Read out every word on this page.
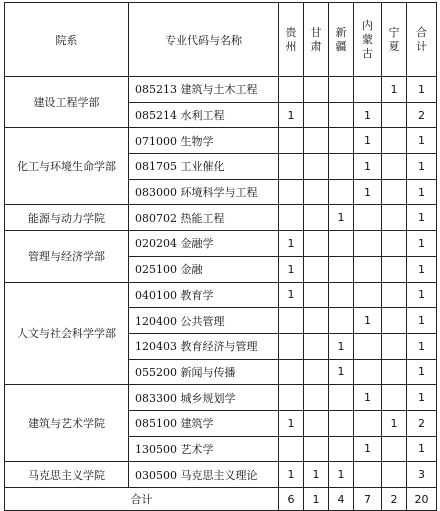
院系	专业代码与名称	贵州	甘肃	新疆	内蒙古	宁夏	合计
建设工程学部	085213 建筑与土木工程					1	1
	085214 水利工程	1			1		2
化工与环境生命学部	071000 生物学				1		1
	081705 工业催化				1		1
	083000 环境科学与工程				1		1
能源与动力学院	080702 热能工程			1			1
管理与经济学部	020204 金融学	1					1
	025100 金融	1					1
人文与社会科学学部	040100 教育学	1					1
	120400 公共管理				1		1
	120403 教育经济与管理			1			1
	055200 新闻与传播			1			1
建筑与艺术学院	083300 城乡规划学				1		1
	085100 建筑学	1				1	2
	130500 艺术学				1		1
马克思主义学院	030500 马克思主义理论	1	1	1			3
合计		6	1	4	7	2	20
